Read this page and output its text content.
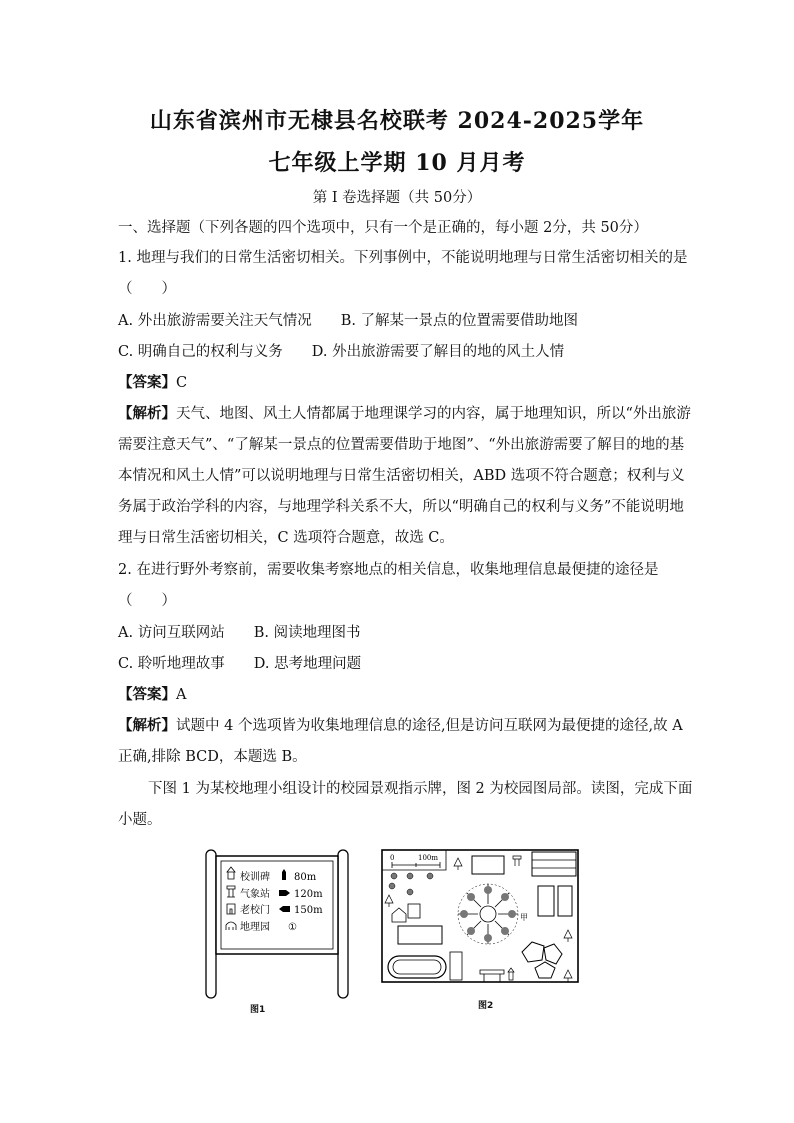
山东省滨州市无棣县名校联考 2024-2025学年
七年级上学期 10 月月考
第 I 卷选择题（共 50分）
一、选择题（下列各题的四个选项中，只有一个是正确的，每小题 2分，共 50分）
1. 地理与我们的日常生活密切相关。下列事例中，不能说明地理与日常生活密切相关的是
（　　）
A. 外出旅游需要关注天气情况　　B. 了解某一景点的位置需要借助地图
C. 明确自己的权利与义务　　D. 外出旅游需要了解目的地的风土人情
【答案】C
【解析】天气、地图、风土人情都属于地理课学习的内容，属于地理知识，所以“外出旅游
需要注意天气”、“了解某一景点的位置需要借助于地图”、“外出旅游需要了解目的地的基
本情况和风土人情”可以说明地理与日常生活密切相关，ABD 选项不符合题意；权利与义
务属于政治学科的内容，与地理学科关系不大，所以“明确自己的权利与义务”不能说明地
理与日常生活密切相关，C 选项符合题意，故选 C。
2. 在进行野外考察前，需要收集考察地点的相关信息，收集地理信息最便捷的途径是
（　　）
A. 访问互联网站　　B. 阅读地理图书
C. 聆听地理故事　　D. 思考地理问题
【答案】A
【解析】试题中 4 个选项皆为收集地理信息的途径,但是访问互联网为最便捷的途径,故 A
正确,排除 BCD，本题选 B。
下图 1 为某校地理小组设计的校园景观指示牌，图 2 为校园图局部。读图，完成下面
小题。
校训碑 80m
气象站 120m
老校门 150m
地理园 ①
图1
0	100m
甲
图2
